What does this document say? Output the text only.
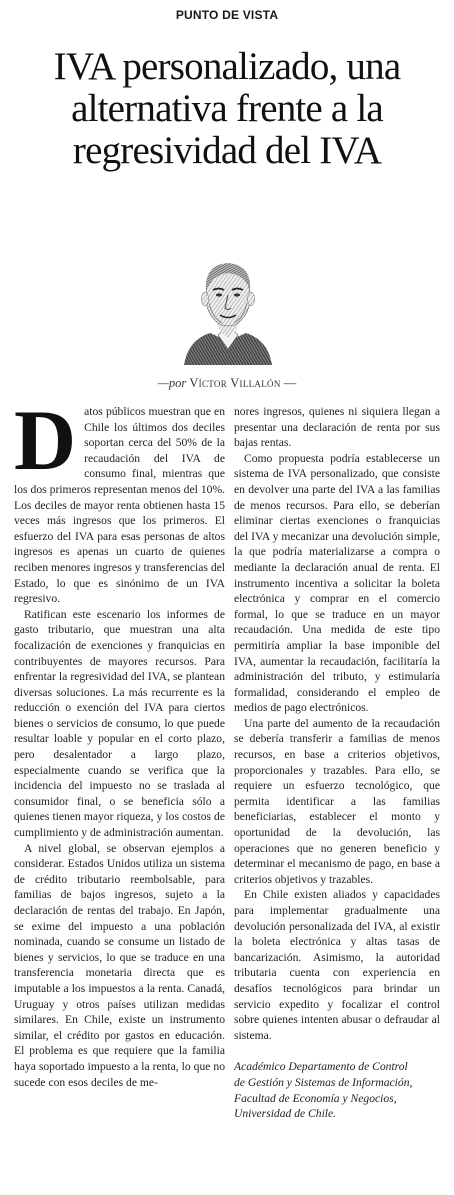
PUNTO DE VISTA
IVA personalizado, una
alternativa frente a la
regresividad del IVA
—por Víctor Villalón —

Datos públicos muestran que en Chile los últimos dos deciles soportan cerca del 50% de la recaudación del IVA de consumo final, mientras que los dos primeros representan menos del 10%. Los deciles de mayor renta obtienen hasta 15 veces más ingresos que los primeros. El esfuerzo del IVA para esas personas de altos ingresos es apenas un cuarto de quienes reciben menores ingresos y transferencias del Estado, lo que es sinónimo de un IVA regresivo.

Ratifican este escenario los informes de gasto tributario, que muestran una alta focalización de exenciones y franquicias en contribuyentes de mayores recursos. Para enfrentar la regresividad del IVA, se plantean diversas soluciones. La más recurrente es la reducción o exención del IVA para ciertos bienes o servicios de consumo, lo que puede resultar loable y popular en el corto plazo, pero desalentador a largo plazo, especialmente cuando se verifica que la incidencia del impuesto no se traslada al consumidor final, o se beneficia sólo a quienes tienen mayor riqueza, y los costos de cumplimiento y de administración aumentan.

A nivel global, se observan ejemplos a considerar. Estados Unidos utiliza un sistema de crédito tributario reembolsable, para familias de bajos ingresos, sujeto a la declaración de rentas del trabajo. En Japón, se exime del impuesto a una población nominada, cuando se consume un listado de bienes y servicios, lo que se traduce en una transferencia monetaria directa que es imputable a los impuestos a la renta. Canadá, Uruguay y otros países utilizan medidas similares. En Chile, existe un instrumento similar, el crédito por gastos en educación. El problema es que requiere que la familia haya soportado impuesto a la renta, lo que no sucede con esos deciles de me-

nores ingresos, quienes ni siquiera llegan a presentar una declaración de renta por sus bajas rentas.

Como propuesta podría establecerse un sistema de IVA personalizado, que consiste en devolver una parte del IVA a las familias de menos recursos. Para ello, se deberían eliminar ciertas exenciones o franquicias del IVA y mecanizar una devolución simple, la que podría materializarse a compra o mediante la declaración anual de renta. El instrumento incentiva a solicitar la boleta electrónica y comprar en el comercio formal, lo que se traduce en un mayor recaudación. Una medida de este tipo permitiría ampliar la base imponible del IVA, aumentar la recaudación, facilitaría la administración del tributo, y estimularía formalidad, considerando el empleo de medios de pago electrónicos.

Una parte del aumento de la recaudación se debería transferir a familias de menos recursos, en base a criterios objetivos, proporcionales y trazables. Para ello, se requiere un esfuerzo tecnológico, que permita identificar a las familias beneficiarias, establecer el monto y oportunidad de la devolución, las operaciones que no generen beneficio y determinar el mecanismo de pago, en base a criterios objetivos y trazables.

En Chile existen aliados y capacidades para implementar gradualmente una devolución personalizada del IVA, al existir la boleta electrónica y altas tasas de bancarización. Asimismo, la autoridad tributaria cuenta con experiencia en desafíos tecnológicos para brindar un servicio expedito y focalizar el control sobre quienes intenten abusar o defraudar al sistema.

Académico Departamento de Control
de Gestión y Sistemas de Información,
Facultad de Economía y Negocios,
Universidad de Chile.
